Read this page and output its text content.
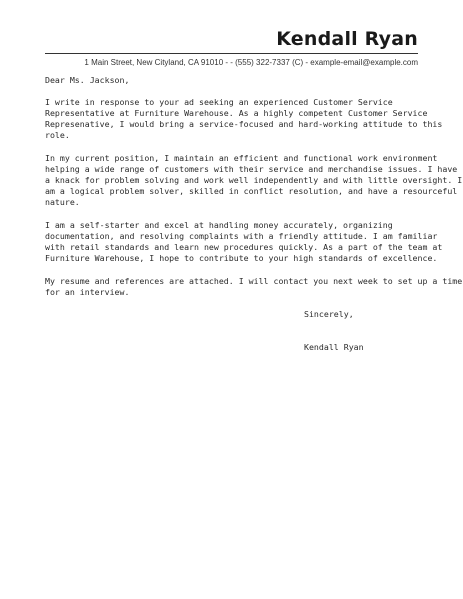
Kendall Ryan
1 Main Street, New Cityland, CA 91010 - - (555) 322-7337 (C) - example-email@example.com

Dear Ms. Jackson,

I write in response to your ad seeking an experienced Customer Service
Representative at Furniture Warehouse. As a highly competent Customer Service
Represenative, I would bring a service-focused and hard-working attitude to this
role.

In my current position, I maintain an efficient and functional work environment
helping a wide range of customers with their service and merchandise issues. I have
a knack for problem solving and work well independently and with little oversight. I
am a logical problem solver, skilled in conflict resolution, and have a resourceful
nature.

I am a self-starter and excel at handling money accurately, organizing
documentation, and resolving complaints with a friendly attitude. I am familiar
with retail standards and learn new procedures quickly. As a part of the team at
Furniture Warehouse, I hope to contribute to your high standards of excellence.

My resume and references are attached. I will contact you next week to set up a time
for an interview.

Sincerely,
Kendall Ryan
